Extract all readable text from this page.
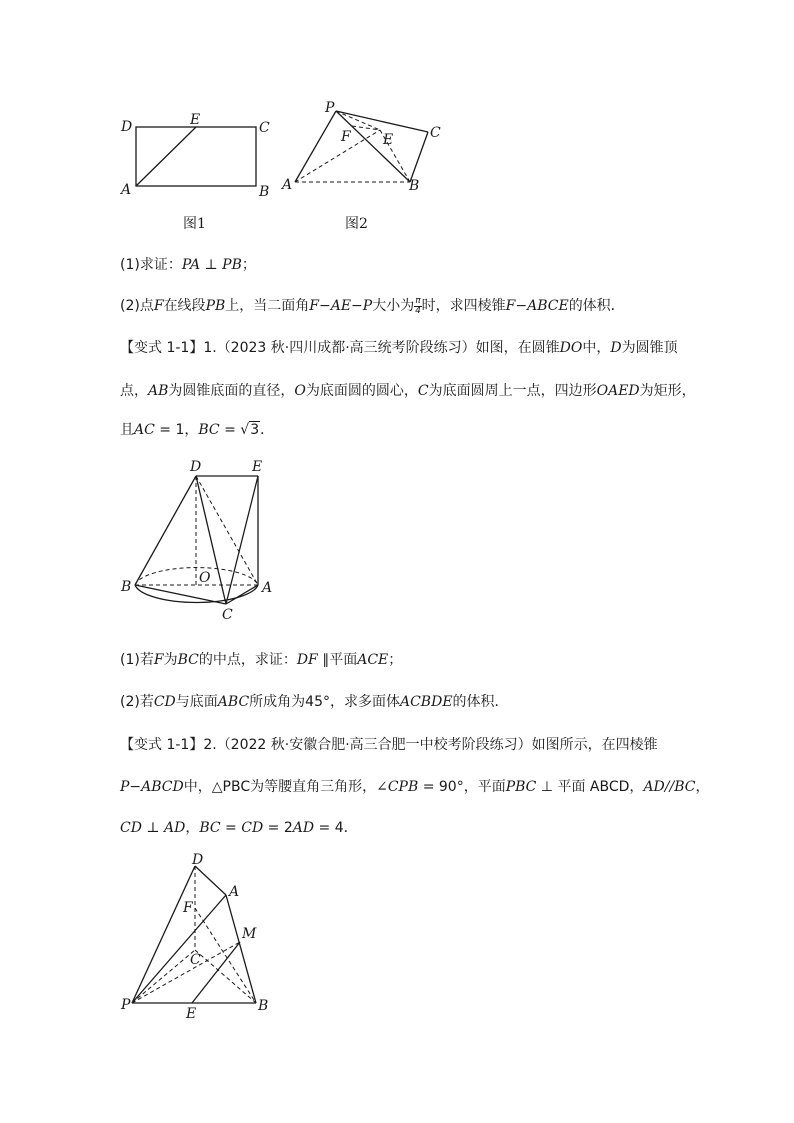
D	E	C
A	B
图1
P
F E	C
A	B
图2
(1)求证：PA ⊥ PB；
(2)点F在线段PB上，当二面角F−AE−P大小为 $\frac{\pi}{4}$ 时，求四棱锥F−ABCE的体积．
【变式 1-1】1.（2023 秋·四川成都·高三统考阶段练习）如图，在圆锥DO中，D为圆锥顶
点，AB为圆锥底面的直径，O为底面圆的圆心，C为底面圆周上一点，四边形OAED为矩形，
且AC = 1，BC = √3．
D	E
O
B	A
C
(1)若F为BC的中点，求证：DF ∥平面ACE；
(2)若CD与底面ABC所成角为45°，求多面体ACBDE的体积．
【变式 1-1】2.（2022 秋·安徽合肥·高三合肥一中校考阶段练习）如图所示，在四棱锥
P−ABCD中，△PBC为等腰直角三角形，∠CPB = 90°，平面PBC ⊥ 平面 ABCD，AD//BC，
CD ⊥ AD，BC = CD = 2AD = 4．
D
A
F
M
C
P
E	B
